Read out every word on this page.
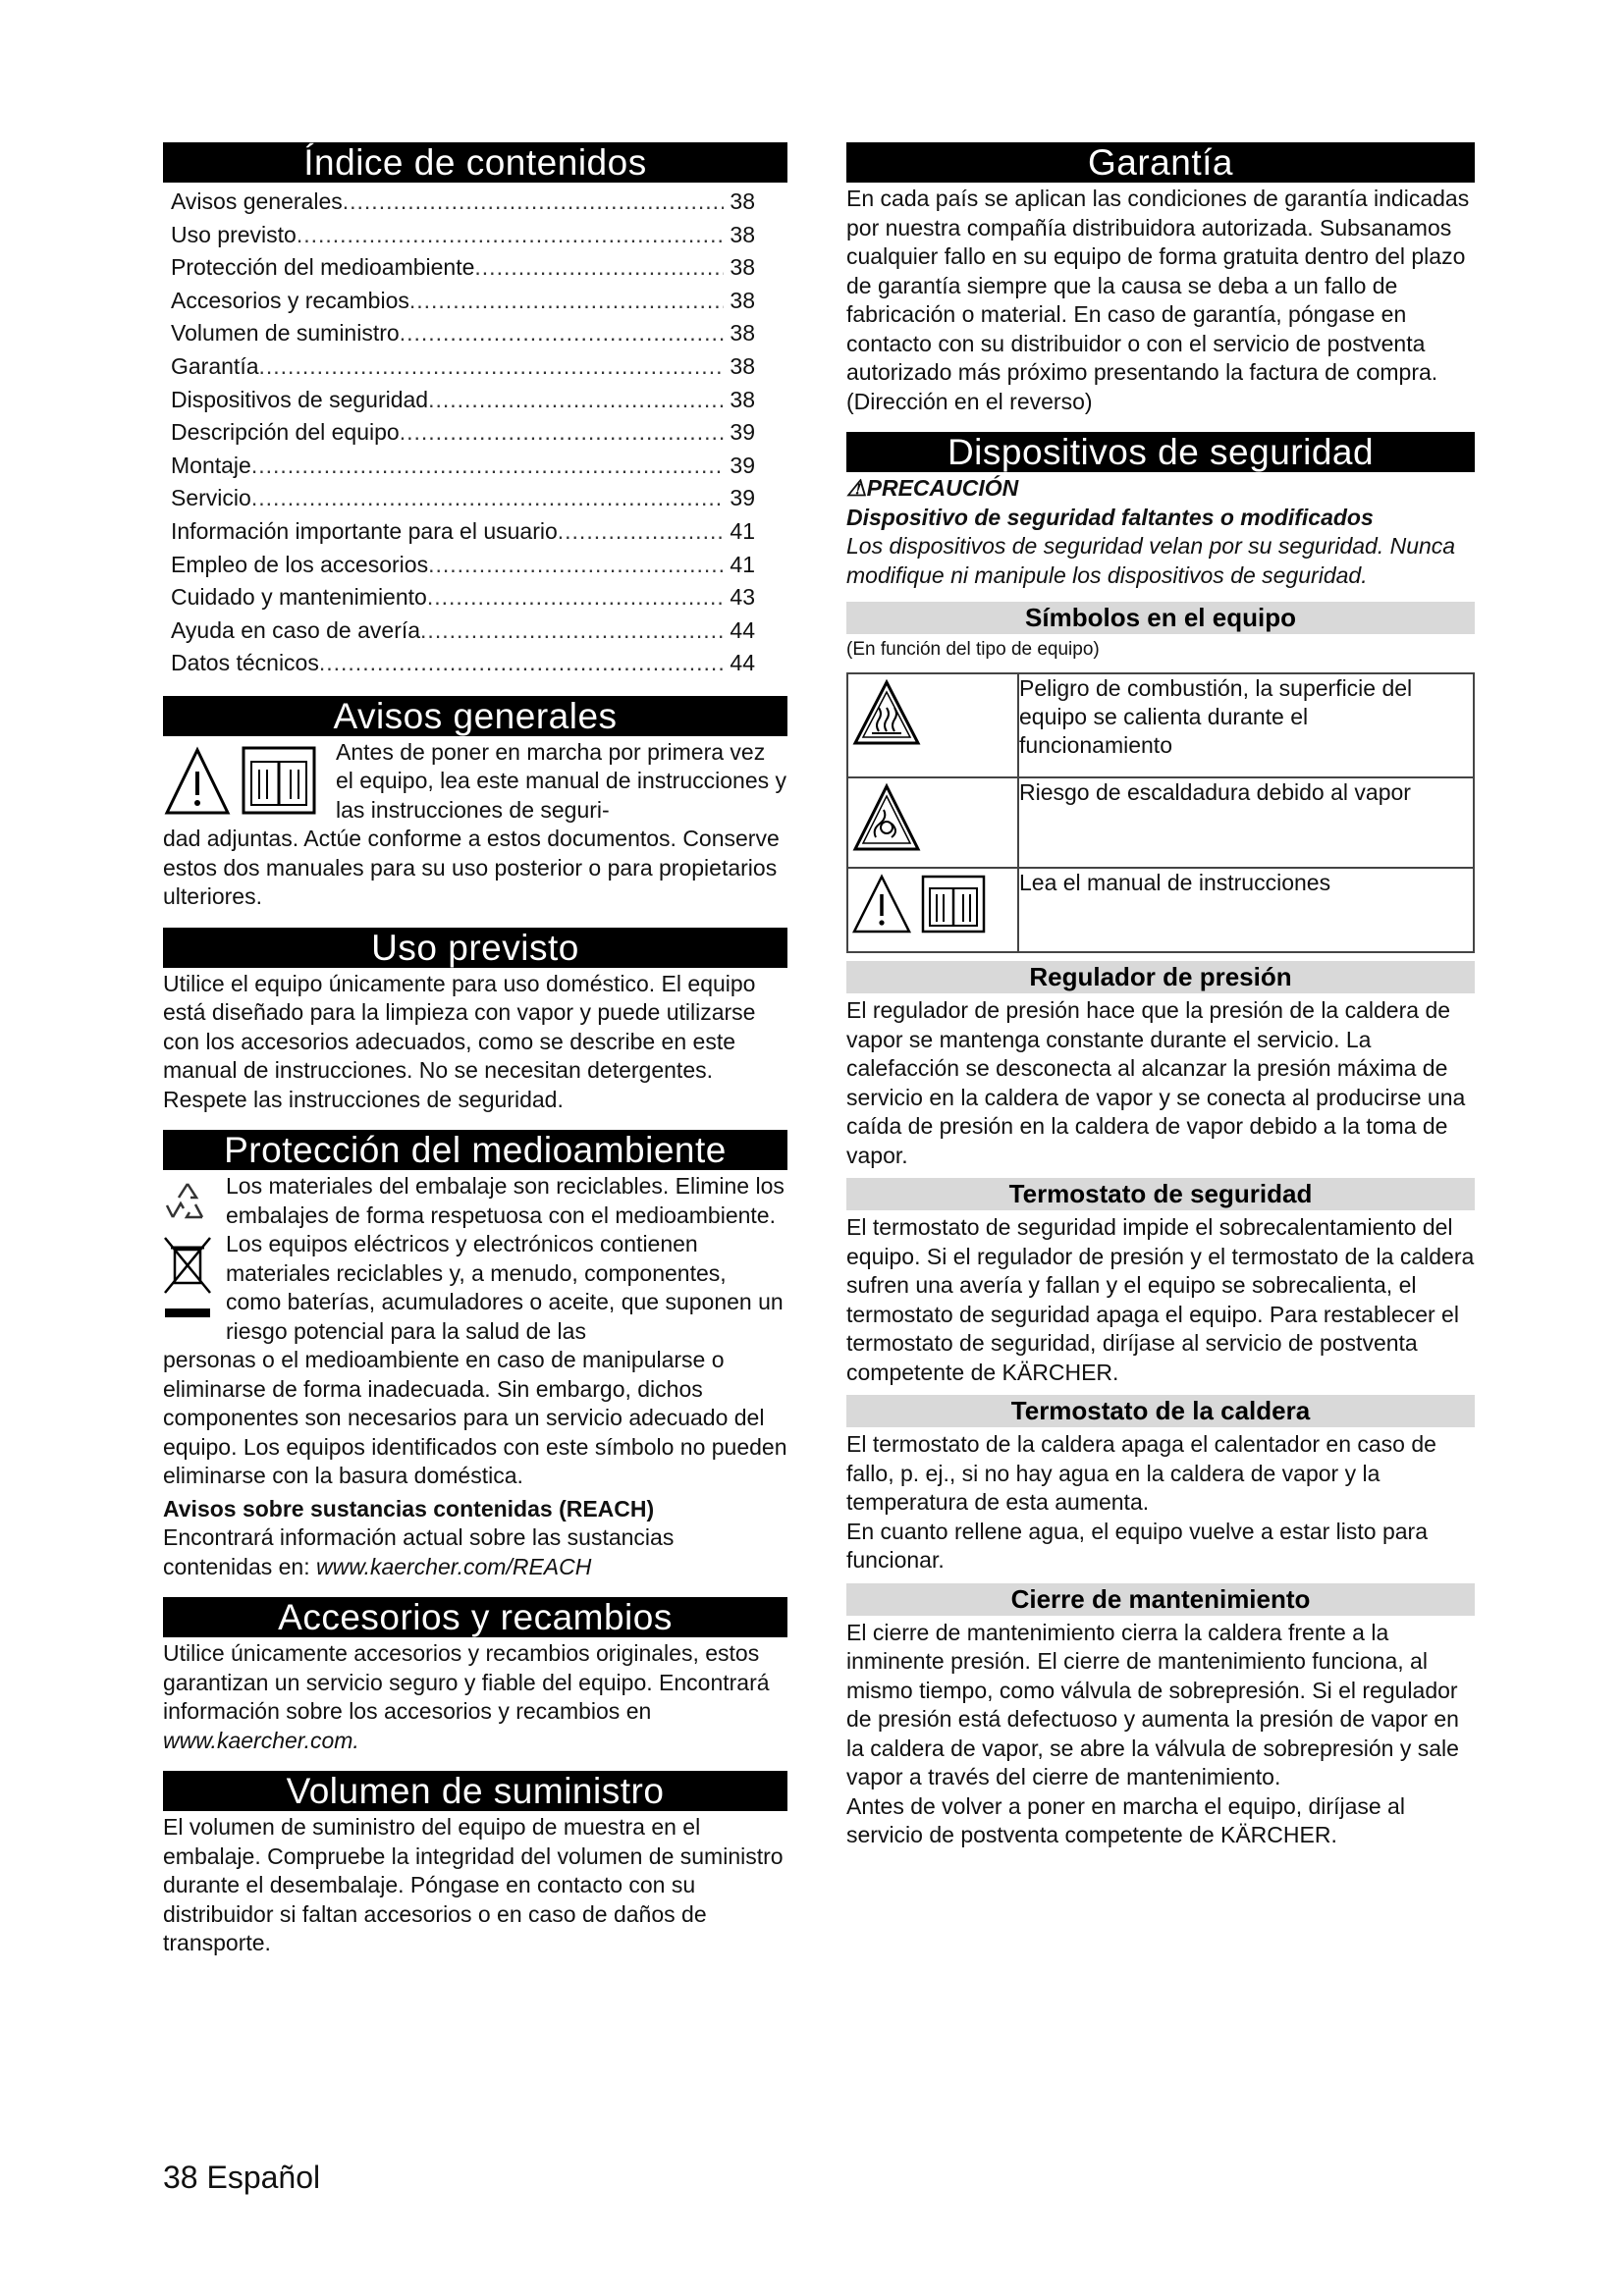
Índice de contenidos
Avisos generales .....	38
Uso previsto .....	38
Protección del medioambiente .....	38
Accesorios y recambios .....	38
Volumen de suministro .....	38
Garantía .....	38
Dispositivos de seguridad .....	38
Descripción del equipo .....	39
Montaje .....	39
Servicio .....	39
Información importante para el usuario .....	41
Empleo de los accesorios .....	41
Cuidado y mantenimiento .....	43
Ayuda en caso de avería .....	44
Datos técnicos .....	44
Avisos generales

Antes de poner en marcha por primera vez el equipo, lea este manual de instrucciones y las instrucciones de seguri-

dad adjuntas. Actúe conforme a estos documentos. Conserve estos dos manuales para su uso posterior o para propietarios ulteriores.

Uso previsto

Utilice el equipo únicamente para uso doméstico. El equipo está diseñado para la limpieza con vapor y puede utilizarse con los accesorios adecuados, como se describe en este manual de instrucciones. No se necesitan detergentes. Respete las instrucciones de seguridad.

Protección del medioambiente

Los materiales del embalaje son reciclables. Elimine los embalajes de forma respetuosa con el medioambiente.

Los equipos eléctricos y electrónicos contienen materiales reciclables y, a menudo, componentes, como baterías, acumuladores o aceite, que suponen un riesgo potencial para la salud de las

personas o el medioambiente en caso de manipularse o eliminarse de forma inadecuada. Sin embargo, dichos componentes son necesarios para un servicio adecuado del equipo. Los equipos identificados con este símbolo no pueden eliminarse con la basura doméstica.

Avisos sobre sustancias contenidas (REACH)

Encontrará información actual sobre las sustancias contenidas en: www.kaercher.com/REACH

Accesorios y recambios

Utilice únicamente accesorios y recambios originales, estos garantizan un servicio seguro y fiable del equipo. Encontrará información sobre los accesorios y recambios en www.kaercher.com.

Volumen de suministro

El volumen de suministro del equipo de muestra en el embalaje. Compruebe la integridad del volumen de suministro durante el desembalaje. Póngase en contacto con su distribuidor si faltan accesorios o en caso de daños de transporte.

Garantía

En cada país se aplican las condiciones de garantía indicadas por nuestra compañía distribuidora autorizada. Subsanamos cualquier fallo en su equipo de forma gratuita dentro del plazo de garantía siempre que la causa se deba a un fallo de fabricación o material. En caso de garantía, póngase en contacto con su distribuidor o con el servicio de postventa autorizado más próximo presentando la factura de compra.

(Dirección en el reverso)

Dispositivos de seguridad

⚠PRECAUCIÓN

Dispositivo de seguridad faltantes o modificados

Los dispositivos de seguridad velan por su seguridad. Nunca modifique ni manipule los dispositivos de seguridad.

Símbolos en el equipo

(En función del tipo de equipo)

	Peligro de combustión, la superficie del equipo se calienta durante el funcionamiento

	Riesgo de escaldadura debido al vapor

	Lea el manual de instrucciones
Regulador de presión

El regulador de presión hace que la presión de la caldera de vapor se mantenga constante durante el servicio. La calefacción se desconecta al alcanzar la presión máxima de servicio en la caldera de vapor y se conecta al producirse una caída de presión en la caldera de vapor debido a la toma de vapor.

Termostato de seguridad

El termostato de seguridad impide el sobrecalentamiento del equipo. Si el regulador de presión y el termostato de la caldera sufren una avería y fallan y el equipo se sobrecalienta, el termostato de seguridad apaga el equipo. Para restablecer el termostato de seguridad, diríjase al servicio de postventa competente de KÄRCHER.

Termostato de la caldera

El termostato de la caldera apaga el calentador en caso de fallo, p. ej., si no hay agua en la caldera de vapor y la temperatura de esta aumenta.

En cuanto rellene agua, el equipo vuelve a estar listo para funcionar.

Cierre de mantenimiento

El cierre de mantenimiento cierra la caldera frente a la inminente presión. El cierre de mantenimiento funciona, al mismo tiempo, como válvula de sobrepresión. Si el regulador de presión está defectuoso y aumenta la presión de vapor en la caldera de vapor, se abre la válvula de sobrepresión y sale vapor a través del cierre de mantenimiento.

Antes de volver a poner en marcha el equipo, diríjase al servicio de postventa competente de KÄRCHER.

38 Español
